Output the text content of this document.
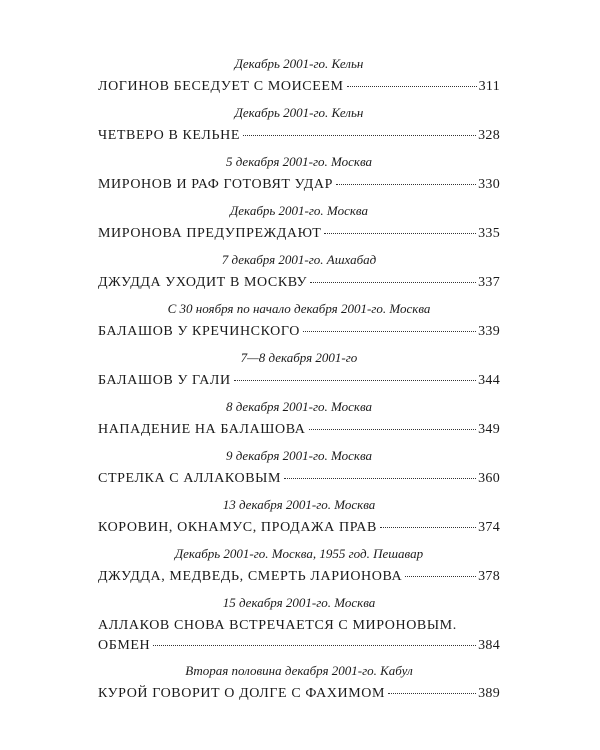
Декабрь 2001-го. Кельн
ЛОГИНОВ БЕСЕДУЕТ С МОИСЕЕМ	311
Декабрь 2001-го. Кельн
ЧЕТВЕРО В КЕЛЬНЕ	328
5 декабря 2001-го. Москва
МИРОНОВ И РАФ ГОТОВЯТ УДАР	330
Декабрь 2001-го. Москва
МИРОНОВА ПРЕДУПРЕЖДАЮТ	335
7 декабря 2001-го. Ашхабад
ДЖУДДА УХОДИТ В МОСКВУ	337
С 30 ноября по начало декабря 2001-го. Москва
БАЛАШОВ У КРЕЧИНСКОГО	339
7—8 декабря 2001-го
БАЛАШОВ У ГАЛИ	344
8 декабря 2001-го. Москва
НАПАДЕНИЕ НА БАЛАШОВА	349
9 декабря 2001-го. Москва
СТРЕЛКА С АЛЛАКОВЫМ	360
13 декабря 2001-го. Москва
КОРОВИН, ОКНАМУС, ПРОДАЖА ПРАВ	374
Декабрь 2001-го. Москва, 1955 год. Пешавар
ДЖУДДА, МЕДВЕДЬ, СМЕРТЬ ЛАРИОНОВА	378
15 декабря 2001-го. Москва
АЛЛАКОВ СНОВА ВСТРЕЧАЕТСЯ С МИРОНОВЫМ.
ОБМЕН	384
Вторая половина декабря 2001-го. Кабул
КУРОЙ ГОВОРИТ О ДОЛГЕ С ФАХИМОМ	389
